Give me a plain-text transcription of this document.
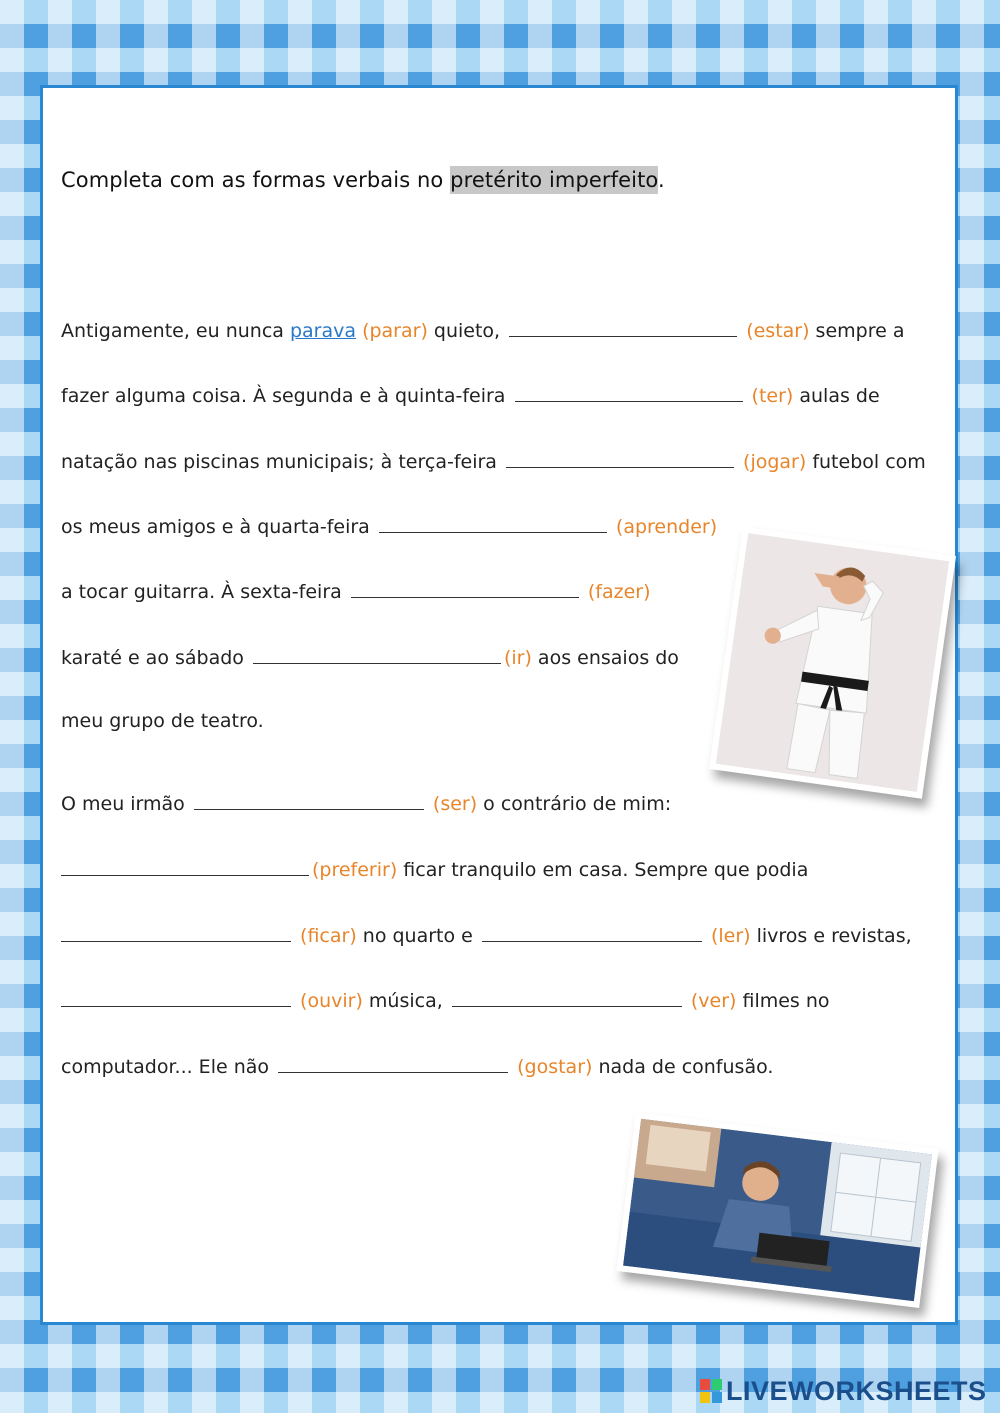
Completa com as formas verbais no pretérito imperfeito.
Antigamente, eu nunca parava (parar) quieto,	(estar) sempre a
fazer alguma coisa. À segunda e à quinta-feira	(ter) aulas de
natação nas piscinas municipais; à terça-feira	(jogar) futebol com
os meus amigos e à quarta-feira	(aprender)
a tocar guitarra. À sexta-feira	(fazer)
karaté e ao sábado	(ir) aos ensaios do
meu grupo de teatro.
O meu irmão	(ser) o contrário de mim:
(preferir) ficar tranquilo em casa. Sempre que podia
(ficar) no quarto e	(ler) livros e revistas,
(ouvir) música,	(ver) filmes no
computador... Ele não	(gostar) nada de confusão.
LIVEWORKSHEETS
